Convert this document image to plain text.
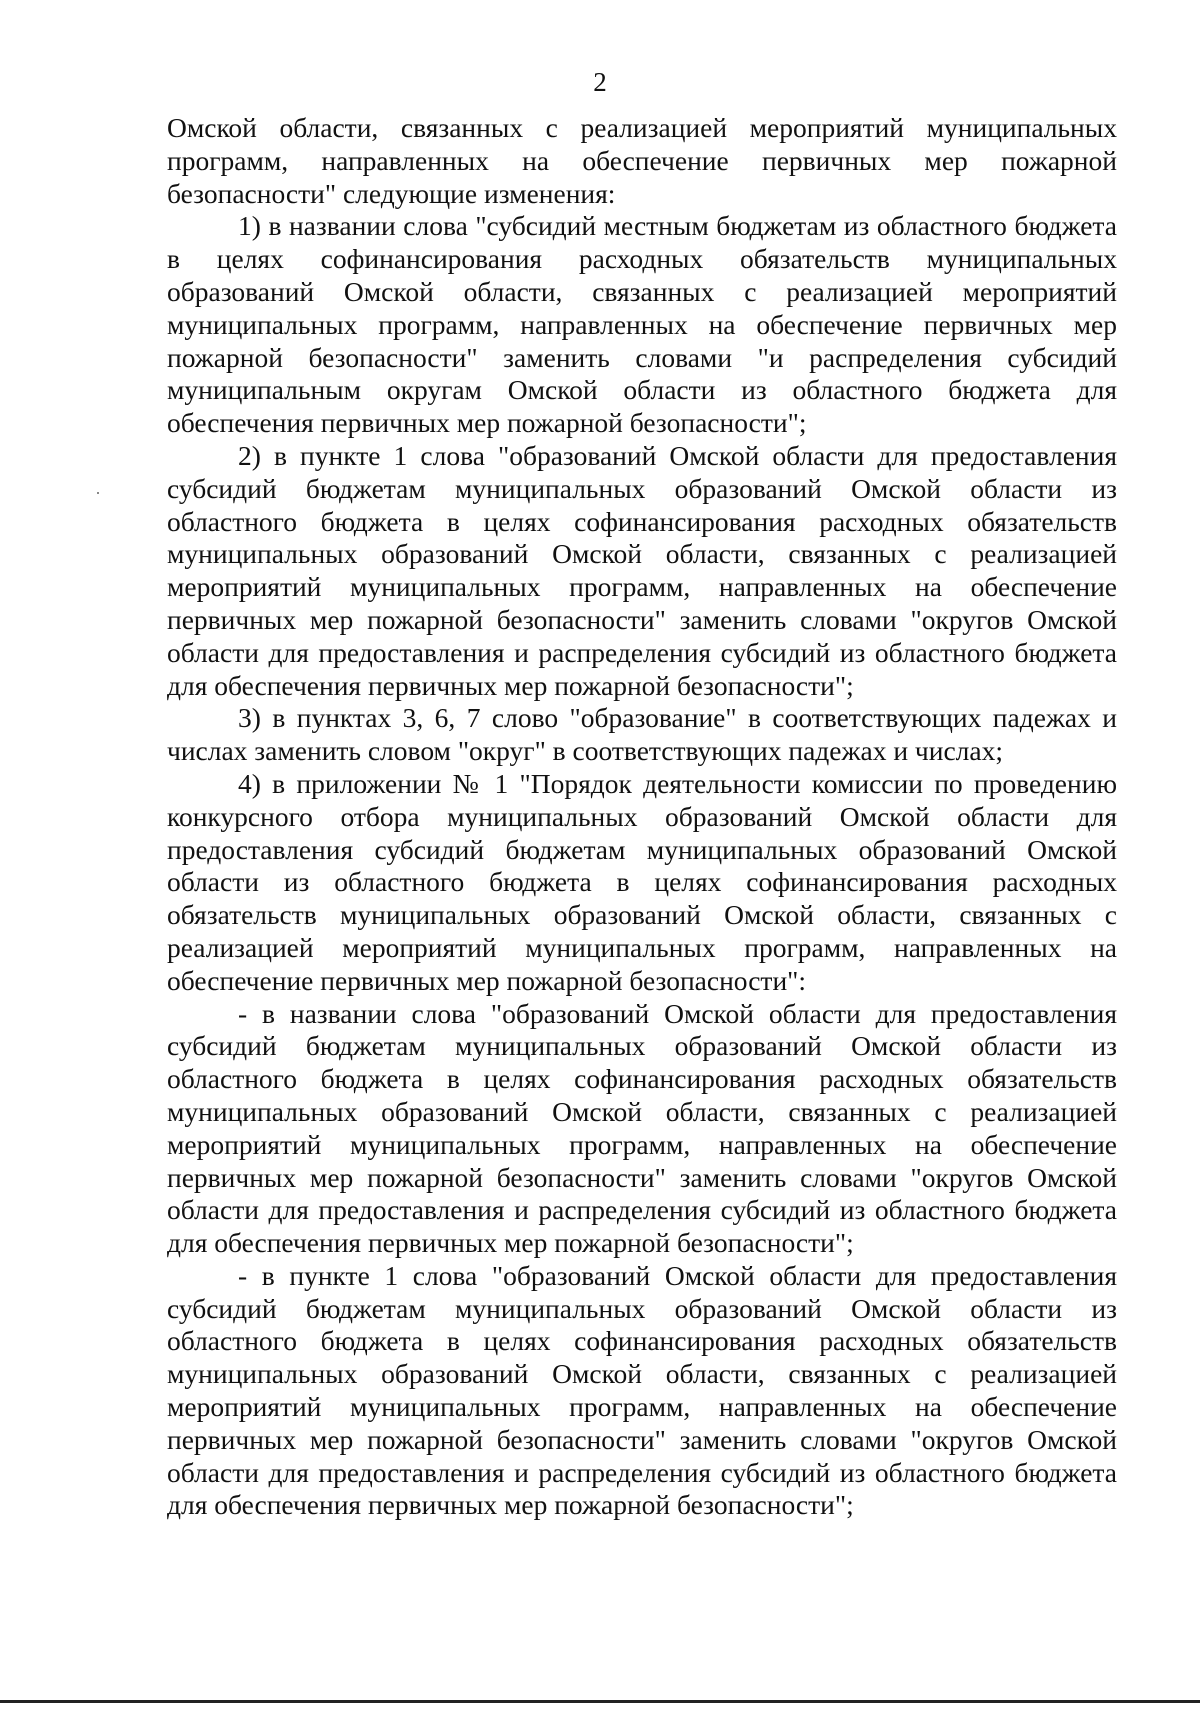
2

Омской области, связанных с реализацией мероприятий муниципальных программ, направленных на обеспечение первичных мер пожарной безопасности" следующие изменения:

1) в названии слова "субсидий местным бюджетам из областного бюджета в целях софинансирования расходных обязательств муниципальных образований Омской области, связанных с реализацией мероприятий муниципальных программ, направленных на обеспечение первичных мер пожарной безопасности" заменить словами "и распределения субсидий муниципальным округам Омской области из областного бюджета для обеспечения первичных мер пожарной безопасности";

2) в пункте 1 слова "образований Омской области для предоставления субсидий бюджетам муниципальных образований Омской области из областного бюджета в целях софинансирования расходных обязательств муниципальных образований Омской области, связанных с реализацией мероприятий муниципальных программ, направленных на обеспечение первичных мер пожарной безопасности" заменить словами "округов Омской области для предоставления и распределения субсидий из областного бюджета для обеспечения первичных мер пожарной безопасности";

3) в пунктах 3, 6, 7 слово "образование" в соответствующих падежах и числах заменить словом "округ" в соответствующих падежах и числах;

4) в приложении № 1 "Порядок деятельности комиссии по проведению конкурсного отбора муниципальных образований Омской области для предоставления субсидий бюджетам муниципальных образований Омской области из областного бюджета в целях софинансирования расходных обязательств муниципальных образований Омской области, связанных с реализацией мероприятий муниципальных программ, направленных на обеспечение первичных мер пожарной безопасности":

- в названии слова "образований Омской области для предоставления субсидий бюджетам муниципальных образований Омской области из областного бюджета в целях софинансирования расходных обязательств муниципальных образований Омской области, связанных с реализацией мероприятий муниципальных программ, направленных на обеспечение первичных мер пожарной безопасности" заменить словами "округов Омской области для предоставления и распределения субсидий из областного бюджета для обеспечения первичных мер пожарной безопасности";

- в пункте 1 слова "образований Омской области для предоставления субсидий бюджетам муниципальных образований Омской области из областного бюджета в целях софинансирования расходных обязательств муниципальных образований Омской области, связанных с реализацией мероприятий муниципальных программ, направленных на обеспечение первичных мер пожарной безопасности" заменить словами "округов Омской области для предоставления и распределения субсидий из областного бюджета для обеспечения первичных мер пожарной безопасности";
